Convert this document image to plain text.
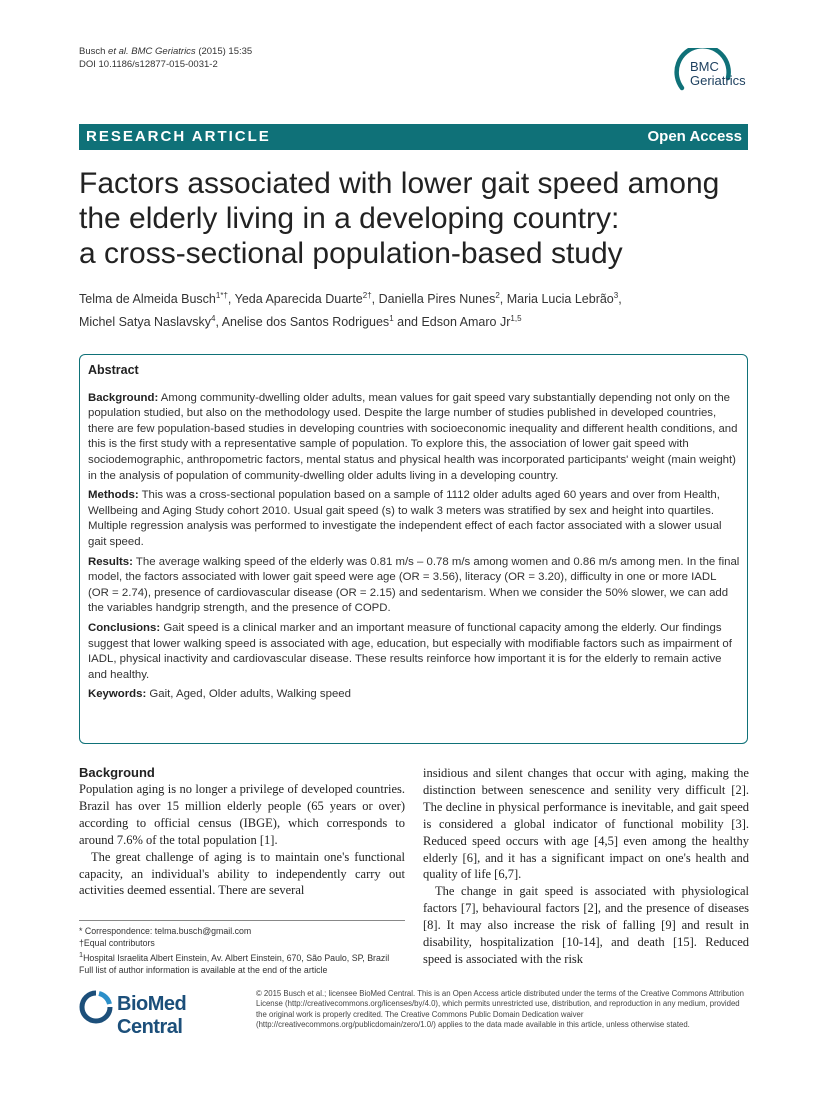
Busch et al. BMC Geriatrics (2015) 15:35
DOI 10.1186/s12877-015-0031-2	BMC
Geriatrics
RESEARCH ARTICLE	Open Access
Factors associated with lower gait speed among
the elderly living in a developing country:
a cross-sectional population-based study
Telma de Almeida Busch$^{1*\dagger}$, Yeda Aparecida Duarte$^{2\dagger}$, Daniella Pires Nunes$^2$, Maria Lucia Lebrão$^3$,
Michel Satya Naslavsky$^4$, Anelise dos Santos Rodrigues$^1$ and Edson Amaro Jr$^{1,5}$
Abstract

Background: Among community-dwelling older adults, mean values for gait speed vary substantially depending not only on the population studied, but also on the methodology used. Despite the large number of studies published in developed countries, there are few population-based studies in developing countries with socioeconomic inequality and different health conditions, and this is the first study with a representative sample of population. To explore this, the association of lower gait speed with sociodemographic, anthropometric factors, mental status and physical health was incorporated participants' weight (main weight) in the analysis of population of community-dwelling older adults living in a developing country.

Methods: This was a cross-sectional population based on a sample of 1112 older adults aged 60 years and over from Health, Wellbeing and Aging Study cohort 2010. Usual gait speed (s) to walk 3 meters was stratified by sex and height into quartiles. Multiple regression analysis was performed to investigate the independent effect of each factor associated with a slower usual gait speed.

Results: The average walking speed of the elderly was 0.81 m/s – 0.78 m/s among women and 0.86 m/s among men. In the final model, the factors associated with lower gait speed were age (OR = 3.56), literacy (OR = 3.20), difficulty in one or more IADL (OR = 2.74), presence of cardiovascular disease (OR = 2.15) and sedentarism. When we consider the 50% slower, we can add the variables handgrip strength, and the presence of COPD.

Conclusions: Gait speed is a clinical marker and an important measure of functional capacity among the elderly. Our findings suggest that lower walking speed is associated with age, education, but especially with modifiable factors such as impairment of IADL, physical inactivity and cardiovascular disease. These results reinforce how important it is for the elderly to remain active and healthy.

Keywords: Gait, Aged, Older adults, Walking speed

Background

Population aging is no longer a privilege of developed countries. Brazil has over 15 million elderly people (65 years or over) according to official census (IBGE), which corresponds to around 7.6% of the total population [1].

The great challenge of aging is to maintain one's functional capacity, an individual's ability to independently carry out activities deemed essential. There are several

insidious and silent changes that occur with aging, making the distinction between senescence and senility very difficult [2]. The decline in physical performance is inevitable, and gait speed is considered a global indicator of functional mobility [3]. Reduced speed occurs with age [4,5] even among the healthy elderly [6], and it has a significant impact on one's health and quality of life [6,7].

The change in gait speed is associated with physiological factors [7], behavioural factors [2], and the presence of diseases [8]. It may also increase the risk of falling [9] and result in disability, hospitalization [10-14], and death [15]. Reduced speed is associated with the risk

* Correspondence: telma.busch@gmail.com

†Equal contributors

$^1$Hospital Israelita Albert Einstein, Av. Albert Einstein, 670, São Paulo, SP, Brazil

Full list of author information is available at the end of the article

BioMed Central
© 2015 Busch et al.; licensee BioMed Central. This is an Open Access article distributed under the terms of the Creative Commons Attribution License (http://creativecommons.org/licenses/by/4.0), which permits unrestricted use, distribution, and reproduction in any medium, provided the original work is properly credited. The Creative Commons Public Domain Dedication waiver (http://creativecommons.org/publicdomain/zero/1.0/) applies to the data made available in this article, unless otherwise stated.
